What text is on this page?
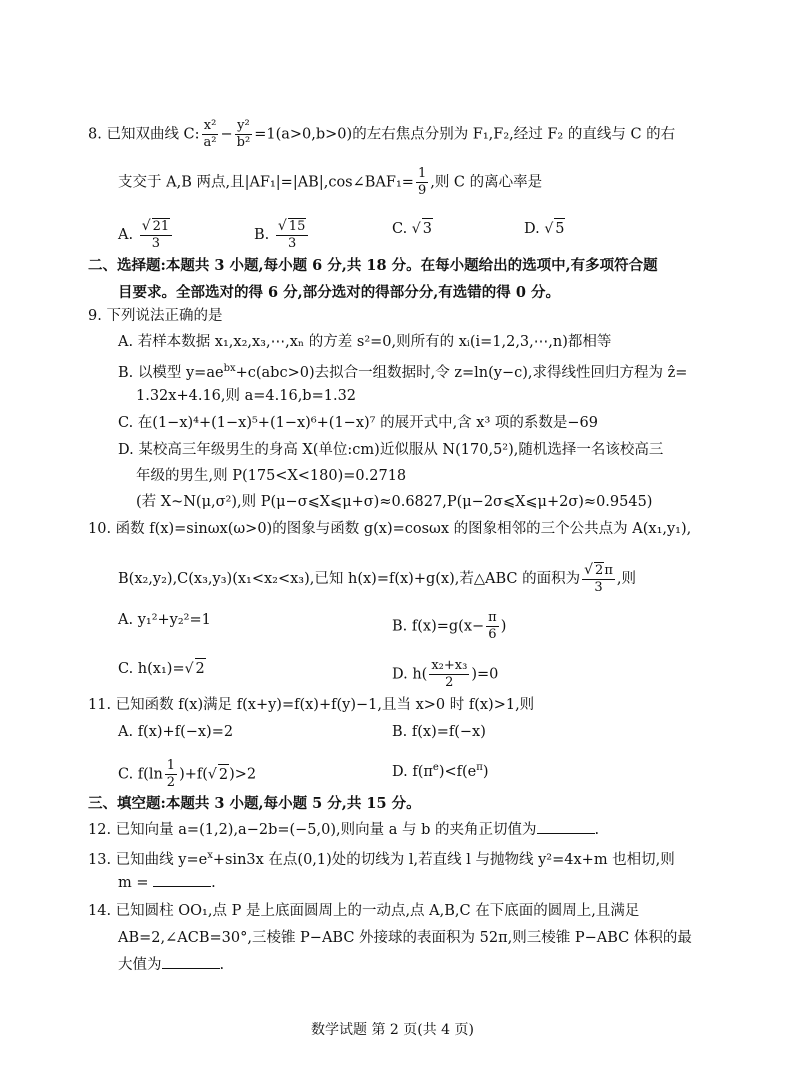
8. 已知双曲线 C: $\frac{\text{x²}}{\text{a²}} - \frac{\text{y²}}{\text{b²}} =1(a>0,b>0)$的左右焦点分别为 F₁,F₂,经过 F₂ 的直线与 C 的右
支交于 A,B 两点,且|AF₁|=|AB|,cos∠BAF₁= $\frac{1}{9}$ ,则 C 的离心率是
A. $\frac{√ 21}{3}$	B. $\frac{√ 15}{3}$	C. √ 3	D. √ 5
二、选择题:本题共 3 小题,每小题 6 分,共 18 分。在每小题给出的选项中,有多项符合题
目要求。全部选对的得 6 分,部分选对的得部分分,有选错的得 0 分。
9. 下列说法正确的是
A. 若样本数据 x₁,x₂,x₃,⋯,xₙ 的方差 s²=0,则所有的 xᵢ(i=1,2,3,⋯,n)都相等
B. 以模型 $y=ae^{bx}+c(abc>0)$去拟合一组数据时,令 z=ln(y−c),求得线性回归方程为 ẑ=
1.32x+4.16,则 a=4.16,b=1.32
C. 在(1−x)⁴+(1−x)⁵+(1−x)⁶+(1−x)⁷ 的展开式中,含 x³ 项的系数是−69
D. 某校高三年级男生的身高 X(单位:cm)近似服从 N(170,5²),随机选择一名该校高三
年级的男生,则 P(175<X<180)=0.2718
(若 X~N(μ,σ²),则 P(μ−σ⩽X⩽μ+σ)≈0.6827,P(μ−2σ⩽X⩽μ+2σ)≈0.9545)
10. 函数 f(x)=sinωx(ω>0)的图象与函数 g(x)=cosωx 的图象相邻的三个公共点为 A(x₁,y₁),
B(x₂,y₂),C(x₃,y₃)(x₁<x₂<x₃),已知 h(x)=f(x)+g(x),若△ABC 的面积为 $\frac{√ 2\pi}{3}$ ,则
A. y₁²+y₂²=1	B. $f(x)=g(x- \frac{\pi}{6}$ )
C. h(x₁)=√ 2	D. $h( \frac{\text{x₂+x₃}}{2} )=0$
11. 已知函数 f(x)满足 f(x+y)=f(x)+f(y)−1,且当 x>0 时 f(x)>1,则
A. f(x)+f(−x)=2	B. f(x)=f(−x)
C. $f(\ln \frac{1}{2} )+f(√$ 2)>2	D. $f(\pi^e)<f(e^\pi)$
三、填空题:本题共 3 小题,每小题 5 分,共 15 分。
12. 已知向量 a=(1,2),a−2b=(−5,0),则向量 a 与 b 的夹角正切值为	.
13. 已知曲线 $y=e^x+\sin 3x$ 在点(0,1)处的切线为 l,若直线 l 与抛物线 y²=4x+m 也相切,则
m =	.
14. 已知圆柱 OO₁,点 P 是上底面圆周上的一动点,点 A,B,C 在下底面的圆周上,且满足
AB=2,∠ACB=30°,三棱锥 P−ABC 外接球的表面积为 52π,则三棱锥 P−ABC 体积的最
大值为	.
数学试题 第 2 页(共 4 页)
